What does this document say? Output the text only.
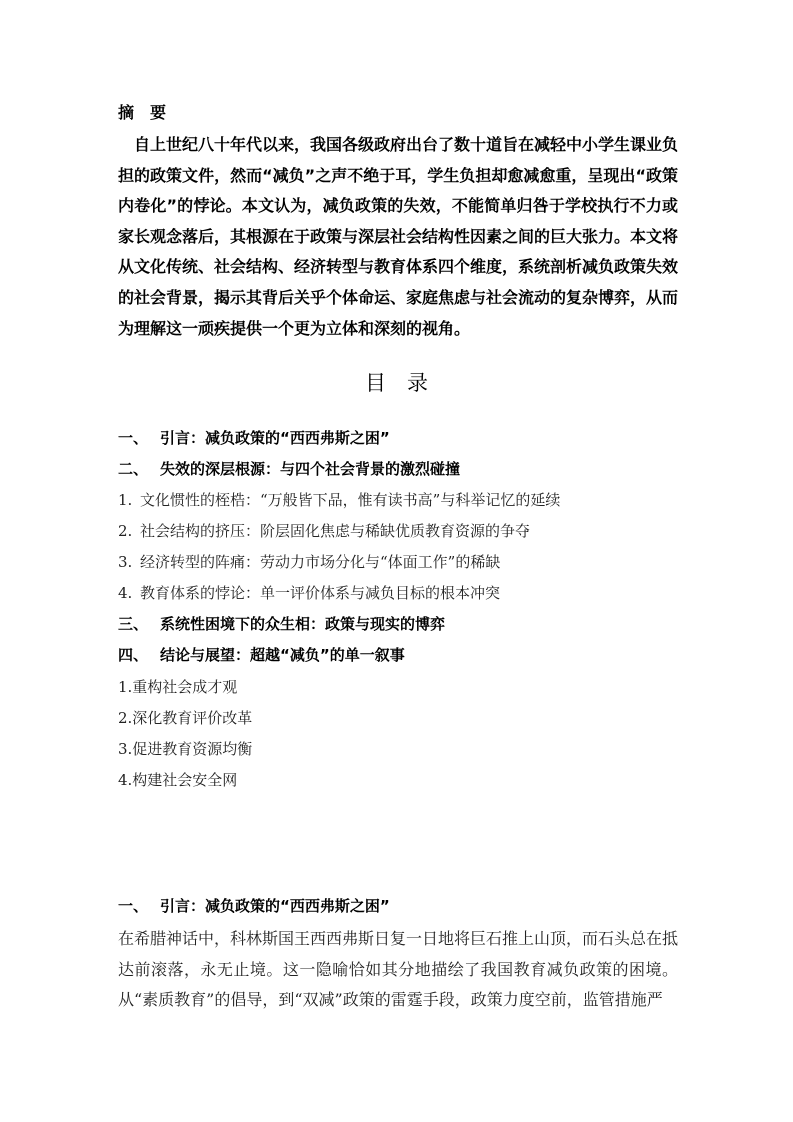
摘 要
自上世纪八十年代以来，我国各级政府出台了数十道旨在减轻中小学生课业负担的政策文件，然而“减负”之声不绝于耳，学生负担却愈减愈重，呈现出“政策内卷化”的悖论。本文认为，减负政策的失效，不能简单归咎于学校执行不力或家长观念落后，其根源在于政策与深层社会结构性因素之间的巨大张力。本文将从文化传统、社会结构、经济转型与教育体系四个维度，系统剖析减负政策失效的社会背景，揭示其背后关乎个体命运、家庭焦虑与社会流动的复杂博弈，从而为理解这一顽疾提供一个更为立体和深刻的视角。
目 录
一、 引言：减负政策的“西西弗斯之困”
二、 失效的深层根源：与四个社会背景的激烈碰撞
1. 文化惯性的桎梏：“万般皆下品，惟有读书高”与科举记忆的延续
2. 社会结构的挤压：阶层固化焦虑与稀缺优质教育资源的争夺
3. 经济转型的阵痛：劳动力市场分化与“体面工作”的稀缺
4. 教育体系的悖论：单一评价体系与减负目标的根本冲突
三、 系统性困境下的众生相：政策与现实的博弈
四、 结论与展望：超越“减负”的单一叙事
1.重构社会成才观
2.深化教育评价改革
3.促进教育资源均衡
4.构建社会安全网
一、 引言：减负政策的“西西弗斯之困”
在希腊神话中，科林斯国王西西弗斯日复一日地将巨石推上山顶，而石头总在抵达前滚落，永无止境。这一隐喻恰如其分地描绘了我国教育减负政策的困境。从“素质教育”的倡导，到“双减”政策的雷霆手段，政策力度空前，监管措施严
